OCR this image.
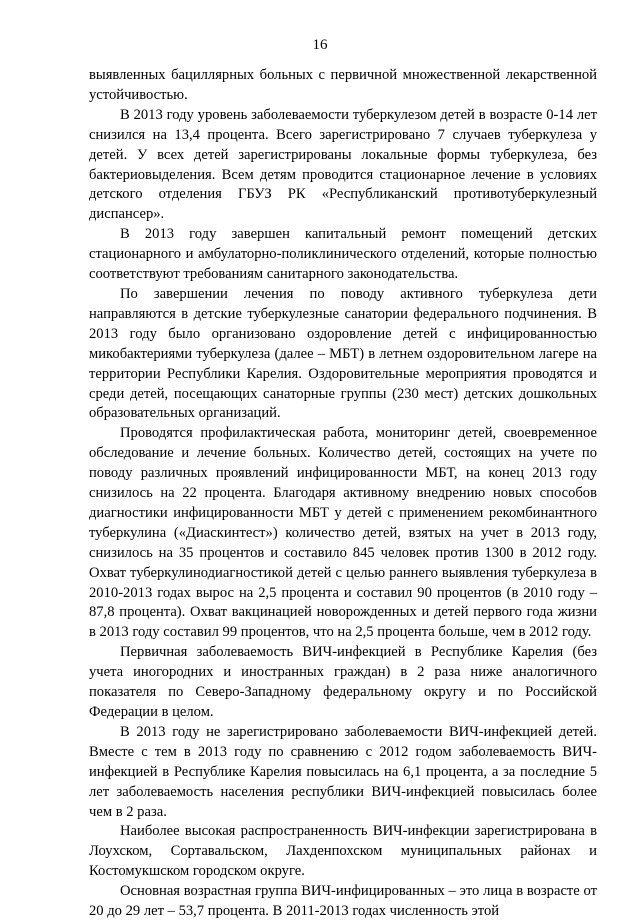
16

выявленных бациллярных больных с первичной множественной лекарственной устойчивостью.

В 2013 году уровень заболеваемости туберкулезом детей в возрасте 0-14 лет снизился на 13,4 процента. Всего зарегистрировано 7 случаев туберкулеза у детей. У всех детей зарегистрированы локальные формы туберкулеза, без бактериовыделения. Всем детям проводится стационарное лечение в условиях детского отделения ГБУЗ РК «Республиканский противотуберкулезный диспансер».

В 2013 году завершен капитальный ремонт помещений детских стационарного и амбулаторно-поликлинического отделений, которые полностью соответствуют требованиям санитарного законодательства.

По завершении лечения по поводу активного туберкулеза дети направляются в детские туберкулезные санатории федерального подчинения. В 2013 году было организовано оздоровление детей с инфицированностью микобактериями туберкулеза (далее – МБТ) в летнем оздоровительном лагере на территории Республики Карелия. Оздоровительные мероприятия проводятся и среди детей, посещающих санаторные группы (230 мест) детских дошкольных образовательных организаций.

Проводятся профилактическая работа, мониторинг детей, своевременное обследование и лечение больных. Количество детей, состоящих на учете по поводу различных проявлений инфицированности МБТ, на конец 2013 году снизилось на 22 процента. Благодаря активному внедрению новых способов диагностики инфицированности МБТ у детей с применением рекомбинантного туберкулина («Диаскинтест») количество детей, взятых на учет в 2013 году, снизилось на 35 процентов и составило 845 человек против 1300 в 2012 году. Охват туберкулинодиагностикой детей с целью раннего выявления туберкулеза в 2010-2013 годах вырос на 2,5 процента и составил 90 процентов (в 2010 году – 87,8 процента). Охват вакцинацией новорожденных и детей первого года жизни в 2013 году составил 99 процентов, что на 2,5 процента больше, чем в 2012 году.

Первичная заболеваемость ВИЧ-инфекцией в Республике Карелия (без учета иногородних и иностранных граждан) в 2 раза ниже аналогичного показателя по Северо-Западному федеральному округу и по Российской Федерации в целом.

В 2013 году не зарегистрировано заболеваемости ВИЧ-инфекцией детей. Вместе с тем в 2013 году по сравнению с 2012 годом заболеваемость ВИЧ-инфекцией в Республике Карелия повысилась на 6,1 процента, а за последние 5 лет заболеваемость населения республики ВИЧ-инфекцией повысилась более чем в 2 раза.

Наиболее высокая распространенность ВИЧ-инфекции зарегистрирована в Лоухском, Сортавальском, Лахденпохском муниципальных районах и Костомукшском городском округе.

Основная возрастная группа ВИЧ-инфицированных – это лица в возрасте от 20 до 29 лет – 53,7 процента. В 2011-2013 годах численность этой
